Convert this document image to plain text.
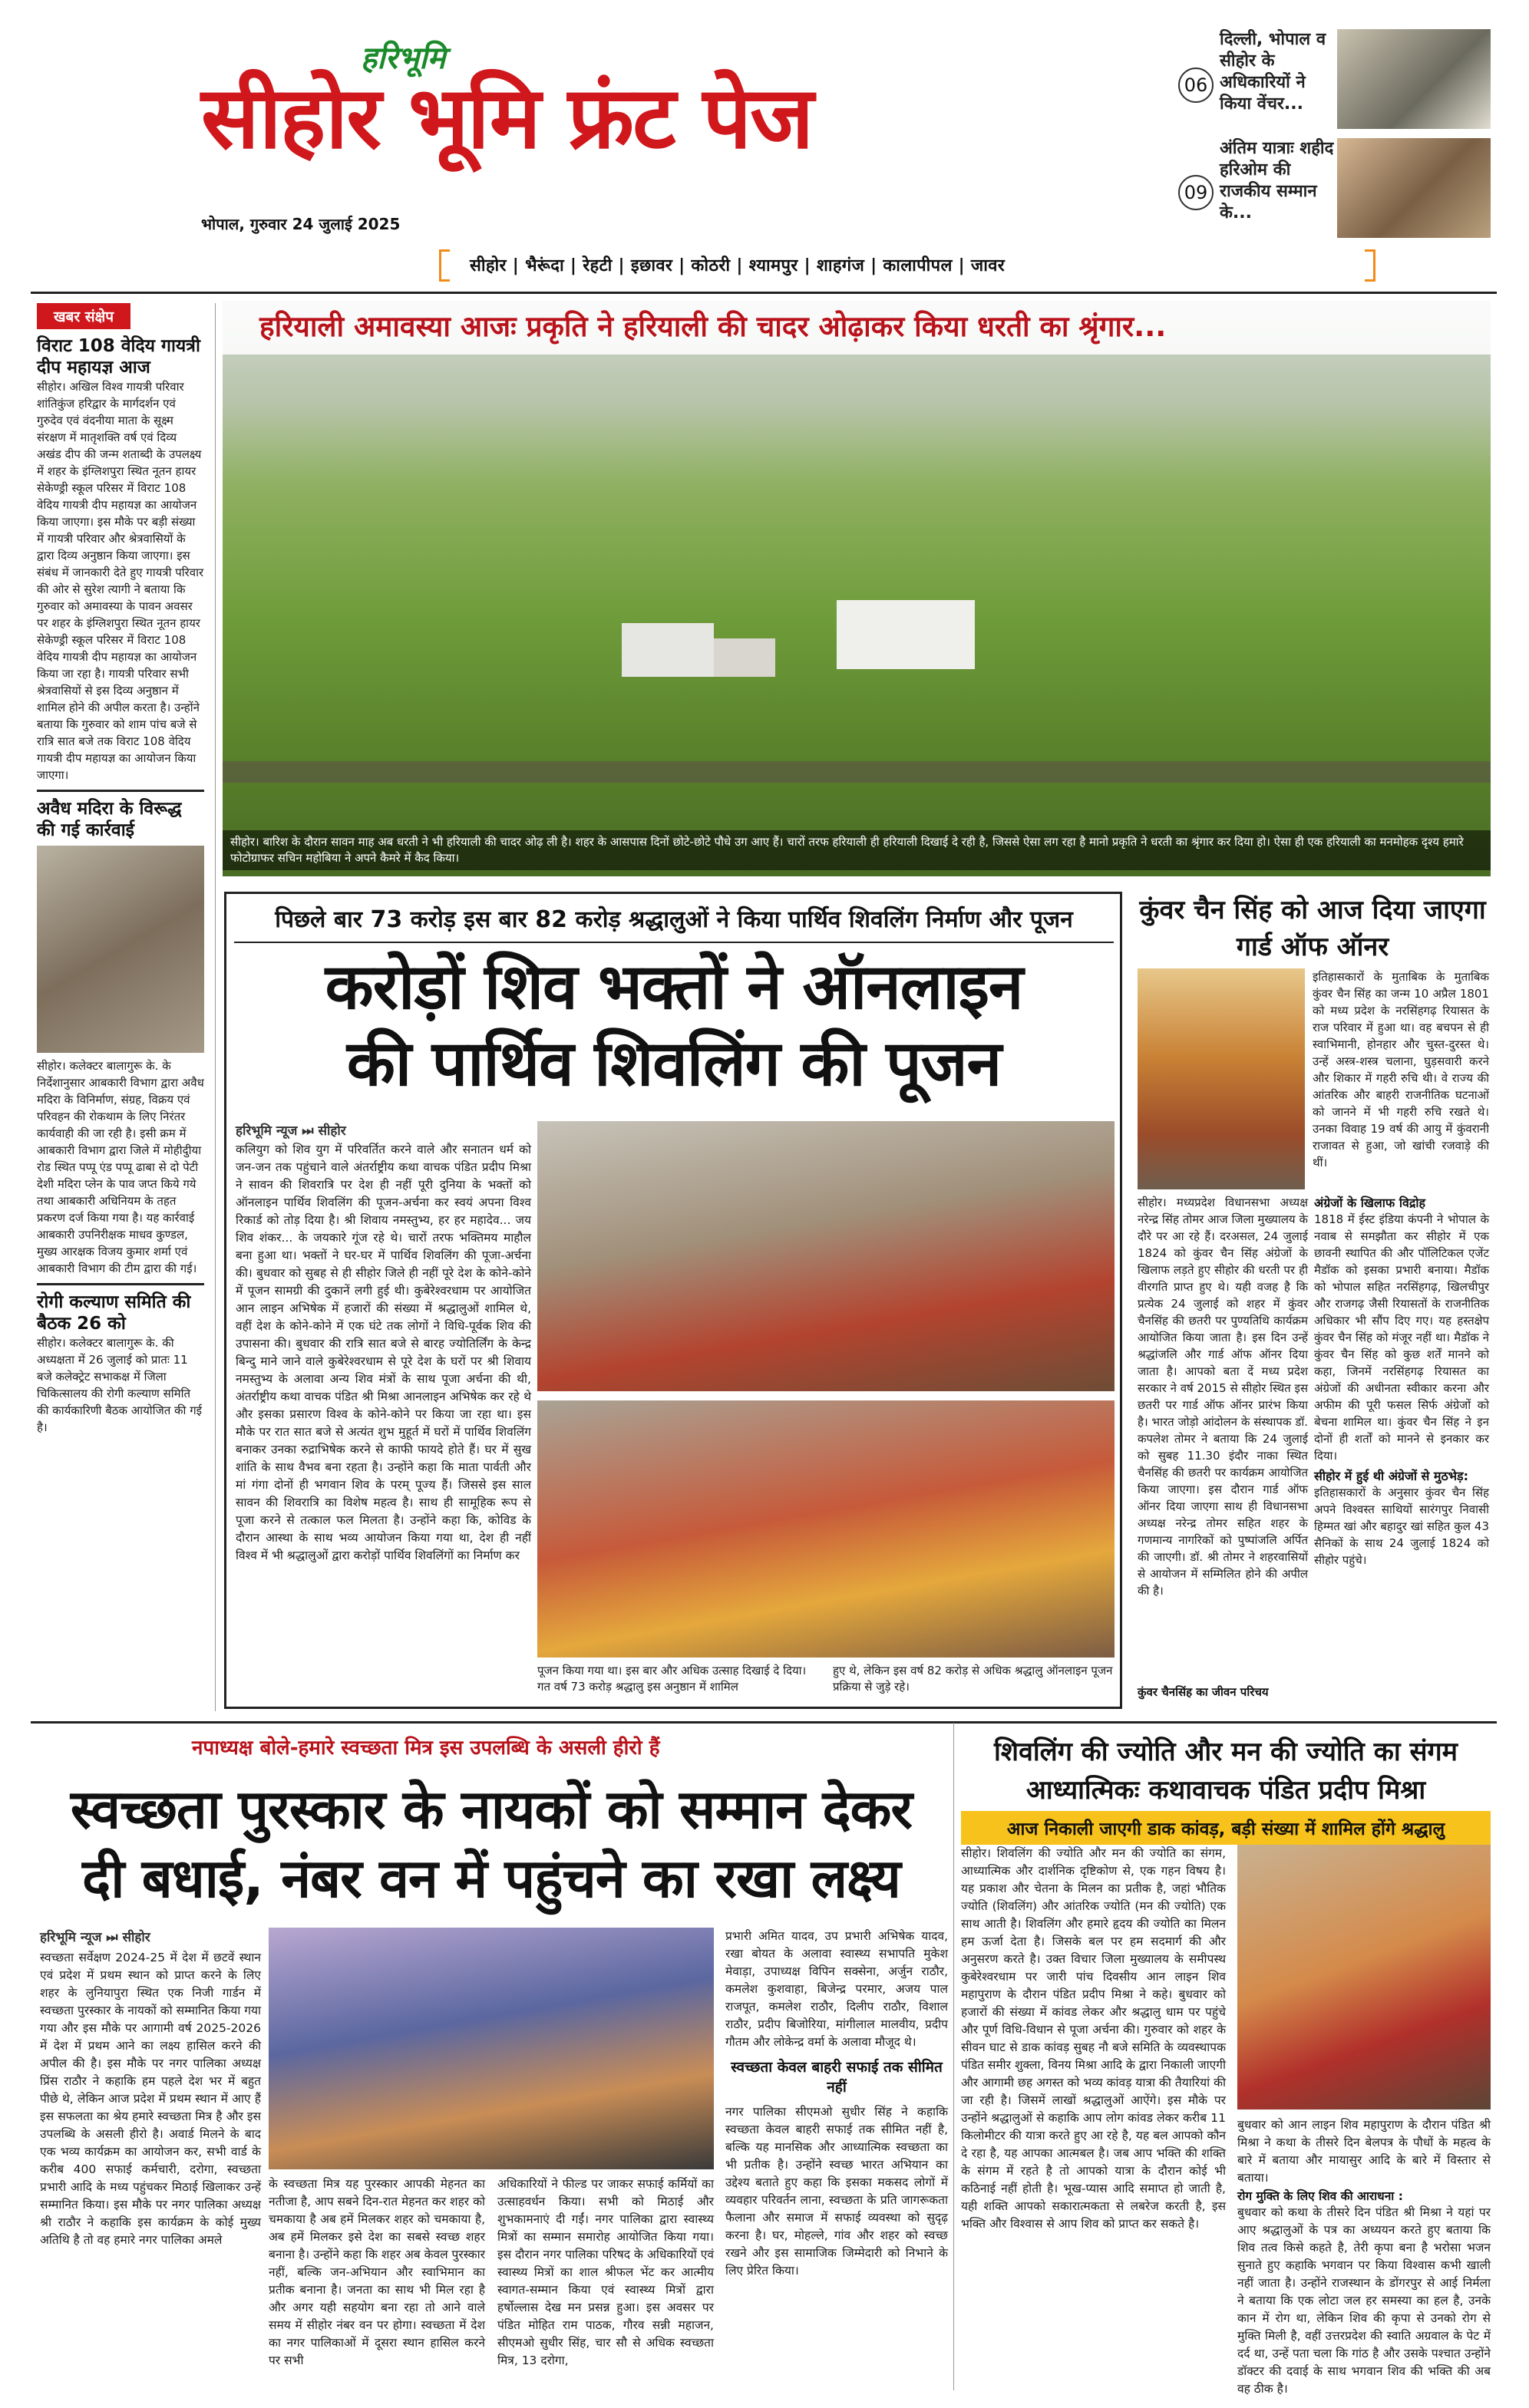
हरिभूमि
सीहोर भूमि फ्रंट पेज
भोपाल, गुरुवार 24 जुलाई 2025
06
दिल्ली, भोपाल व सीहोर के अधिकारियों ने किया वेंचर...
09
अंतिम यात्राः शहीद हरिओम की राजकीय सम्मान के...
सीहोर | भैरूंदा | रेहटी | इछावर | कोठरी | श्यामपुर | शाहगंज | कालापीपल | जावर
खबर संक्षेप
विराट 108 वेदिय गायत्री दीप महायज्ञ आज
सीहोर। अखिल विश्व गायत्री परिवार शांतिकुंज हरिद्वार के मार्गदर्शन एवं गुरुदेव एवं वंदनीया माता के सूक्ष्म संरक्षण में मातृशक्ति वर्ष एवं दिव्य अखंड दीप की जन्म शताब्दी के उपलक्ष्य में शहर के इंग्लिशपुरा स्थित नूतन हायर सेकेण्ड्री स्कूल परिसर में विराट 108 वेदिय गायत्री दीप महायज्ञ का आयोजन किया जाएगा। इस मौके पर बड़ी संख्या में गायत्री परिवार और श्रेत्रवासियों के द्वारा दिव्य अनुष्ठान किया जाएगा। इस संबंध में जानकारी देते हुए गायत्री परिवार की ओर से सुरेश त्यागी ने बताया कि गुरुवार को अमावस्या के पावन अवसर पर शहर के इंग्लिशपुरा स्थित नूतन हायर सेकेण्ड्री स्कूल परिसर में विराट 108 वेदिय गायत्री दीप महायज्ञ का आयोजन किया जा रहा है। गायत्री परिवार सभी श्रेत्रवासियों से इस दिव्य अनुष्ठान में शामिल होने की अपील करता है। उन्होंने बताया कि गुरुवार को शाम पांच बजे से रात्रि सात बजे तक विराट 108 वेदिय गायत्री दीप महायज्ञ का आयोजन किया जाएगा।
अवैध मदिरा के विरूद्ध की गई कार्रवाई
सीहोर। कलेक्टर बालागुरू के. के निर्देशानुसार आबकारी विभाग द्वारा अवैध मदिरा के विनिर्माण, संग्रह, विक्रय एवं परिवहन की रोकथाम के लिए निरंतर कार्यवाही की जा रही है। इसी क्रम में आबकारी विभाग द्वारा जिले में मोहीदुीया रोड स्थित पप्पू एंड पप्पू ढाबा से दो पेटी देशी मदिरा प्लेन के पाव जप्त किये गये तथा आबकारी अधिनियम के तहत प्रकरण दर्ज किया गया है। यह कार्रवाई आबकारी उपनिरीक्षक माधव कुण्डल, मुख्य आरक्षक विजय कुमार शर्मा एवं आबकारी विभाग की टीम द्वारा की गई।
रोगी कल्याण समिति की बैठक 26 को
सीहोर। कलेक्टर बालागुरू के. की अध्यक्षता में 26 जुलाई को प्रातः 11 बजे कलेक्ट्रेट सभाकक्ष में जिला चिकित्सालय की रोगी कल्याण समिति की कार्यकारिणी बैठक आयोजित की गई है।
हरियाली अमावस्या आजः प्रकृति ने हरियाली की चादर ओढ़ाकर किया धरती का श्रृंगार...
सीहोर। बारिश के दौरान सावन माह अब धरती ने भी हरियाली की चादर ओढ़ ली है। शहर के आसपास दिनों छोटे-छोटे पौधे उग आए हैं। चारों तरफ हरियाली ही हरियाली दिखाई दे रही है, जिससे ऐसा लग रहा है मानो प्रकृति ने धरती का श्रृंगार कर दिया हो। ऐसा ही एक हरियाली का मनमोहक दृश्य हमारे फोटोग्राफर सचिन महोबिया ने अपने कैमरे में कैद किया।
पिछले बार 73 करोड़ इस बार 82 करोड़ श्रद्धालुओं ने किया पार्थिव शिवलिंग निर्माण और पूजन
करोड़ों शिव भक्तों ने ऑनलाइन
की पार्थिव शिवलिंग की पूजन
हरिभूमि न्यूज ⏭ सीहोर
कलियुग को शिव युग में परिवर्तित करने वाले और सनातन धर्म को जन-जन तक पहुंचाने वाले अंतर्राष्ट्रीय कथा वाचक पंडित प्रदीप मिश्रा ने सावन की शिवरात्रि पर देश ही नहीं पूरी दुनिया के भक्तों को ऑनलाइन पार्थिव शिवलिंग की पूजन-अर्चना कर स्वयं अपना विश्व रिकार्ड को तोड़ दिया है। श्री शिवाय नमस्तुभ्य, हर हर महादेव... जय शिव शंकर... के जयकारे गूंज रहे थे। चारों तरफ भक्तिमय माहौल बना हुआ था। भक्तों ने घर-घर में पार्थिव शिवलिंग की पूजा-अर्चना की। बुधवार को सुबह से ही सीहोर जिले ही नहीं पूरे देश के कोने-कोने में पूजन सामग्री की दुकानें लगी हुई थी। कुबेरेश्वरधाम पर आयोजित आन लाइन अभिषेक में हजारों की संख्या में श्रद्धालुओं शामिल थे, वहीं देश के कोने-कोने में एक घंटे तक लोगों ने विधि-पूर्वक शिव की उपासना की। बुधवार की रात्रि सात बजे से बारह ज्योतिर्लिंग के केन्द्र बिन्दु माने जाने वाले कुबेरेश्वरधाम से पूरे देश के घरों पर श्री शिवाय नमस्तुभ्य के अलावा अन्य शिव मंत्रों के साथ पूजा अर्चना की थी, अंतर्राष्ट्रीय कथा वाचक पंडित श्री मिश्रा आनलाइन अभिषेक कर रहे थे और इसका प्रसारण विश्व के कोने-कोने पर किया जा रहा था। इस मौके पर रात सात बजे से अत्यंत शुभ मुहूर्त में घरों में पार्थिव शिवलिंग बनाकर उनका रुद्राभिषेक करने से काफी फायदे होते हैं। घर में सुख शांति के साथ वैभव बना रहता है। उन्होंने कहा कि माता पार्वती और मां गंगा दोनों ही भगवान शिव के परम् पूज्य हैं। जिससे इस साल सावन की शिवरात्रि का विशेष महत्व है। साथ ही सामूहिक रूप से पूजा करने से तत्काल फल मिलता है। उन्होंने कहा कि, कोविड के दौरान आस्था के साथ भव्य आयोजन किया गया था, देश ही नहीं विश्व में भी श्रद्धालुओं द्वारा करोड़ों पार्थिव शिवलिंगों का निर्माण कर
पूजन किया गया था। इस बार और अधिक उत्साह दिखाई दे दिया। गत वर्ष 73 करोड़ श्रद्धालु इस अनुष्ठान में शामिल
हुए थे, लेकिन इस वर्ष 82 करोड़ से अधिक श्रद्धालु ऑनलाइन पूजन प्रक्रिया से जुड़े रहे।
कुंवर चैन सिंह को आज दिया जाएगा गार्ड ऑफ ऑनर
इतिहासकारों के मुताबिक के मुताबिक कुंवर चैन सिंह का जन्म 10 अप्रैल 1801 को मध्य प्रदेश के नरसिंहगढ़ रियासत के राज परिवार में हुआ था। वह बचपन से ही स्वाभिमानी, होनहार और चुस्त-दुरस्त थे। उन्हें अस्त्र-शस्त्र चलाना, घुड़सवारी करने और शिकार में गहरी रुचि थी। वे राज्य की आंतरिक और बाहरी राजनीतिक घटनाओं को जानने में भी गहरी रुचि रखते थे। उनका विवाह 19 वर्ष की आयु में कुंवरानी राजावत से हुआ, जो खांची रजवाड़े की थीं।
सीहोर। मध्यप्रदेश विधानसभा अध्यक्ष नरेन्द्र सिंह तोमर आज जिला मुख्यालय के दौरे पर आ रहे हैं। दरअसल, 24 जुलाई 1824 को कुंवर चैन सिंह अंग्रेजों के खिलाफ लड़ते हुए सीहोर की धरती पर ही वीरगति प्राप्त हुए थे। यही वजह है कि प्रत्येक 24 जुलाई को शहर में कुंवर चैनसिंह की छतरी पर पुण्यतिथि कार्यक्रम आयोजित किया जाता है। इस दिन उन्हें श्रद्धांजलि और गार्ड ऑफ ऑनर दिया जाता है। आपको बता दें मध्य प्रदेश सरकार ने वर्ष 2015 से सीहोर स्थित इस छतरी पर गार्ड ऑफ ऑनर प्रारंभ किया है। भारत जोड़ो आंदोलन के संस्थापक डॉ. कपलेश तोमर ने बताया कि 24 जुलाई को सुबह 11.30 इंदौर नाका स्थित चैनसिंह की छतरी पर कार्यक्रम आयोजित किया जाएगा। इस दौरान गार्ड ऑफ ऑनर दिया जाएगा साथ ही विधानसभा अध्यक्ष नरेन्द्र तोमर सहित शहर के गणमान्य नागरिकों को पुष्पांजलि अर्पित की जाएगी। डॉ. श्री तोमर ने शहरवासियों से आयोजन में सम्मिलित होने की अपील की है।
अंग्रेजों के खिलाफ विद्रोह
1818 में ईस्ट इंडिया कंपनी ने भोपाल के नवाब से समझौता कर सीहोर में एक छावनी स्थापित की और पॉलिटिकल एजेंट मैडॉक को इसका प्रभारी बनाया। मैडॉक को भोपाल सहित नरसिंहगढ़, खिलचीपुर और राजगढ़ जैसी रियासतों के राजनीतिक अधिकार भी सौंप दिए गए। यह हस्तक्षेप कुंवर चैन सिंह को मंजूर नहीं था। मैडॉक ने कुंवर चैन सिंह को कुछ शर्तें मानने को कहा, जिनमें नरसिंहगढ़ रियासत का अंग्रेजों की अधीनता स्वीकार करना और अफीम की पूरी फसल सिर्फ अंग्रेजों को बेचना शामिल था। कुंवर चैन सिंह ने इन दोनों ही शर्तों को मानने से इनकार कर दिया।
सीहोर में हुई थी अंग्रेजों से मुठभेड़:
इतिहासकारों के अनुसार कुंवर चैन सिंह अपने विश्वस्त साथियों सारंगपुर निवासी हिम्मत खां और बहादुर खां सहित कुल 43 सैनिकों के साथ 24 जुलाई 1824 को सीहोर पहुंचे।
कुंवर चैनसिंह का जीवन परिचय
नपाध्यक्ष बोले-हमारे स्वच्छता मित्र इस उपलब्धि के असली हीरो हैं
स्वच्छता पुरस्कार के नायकों को सम्मान देकर
दी बधाई, नंबर वन में पहुंचने का रखा लक्ष्य
हरिभूमि न्यूज ⏭ सीहोर
स्वच्छता सर्वेक्षण 2024-25 में देश में छटवें स्थान एवं प्रदेश में प्रथम स्थान को प्राप्त करने के लिए शहर के लुनियापुरा स्थित एक निजी गार्डन में स्वच्छता पुरस्कार के नायकों को सम्मानित किया गया गया और इस मौके पर आगामी वर्ष 2025-2026 में देश में प्रथम आने का लक्ष्य हासिल करने की अपील की है। इस मौके पर नगर पालिका अध्यक्ष प्रिंस राठौर ने कहाकि हम पहले देश भर में बहुत पीछे थे, लेकिन आज प्रदेश में प्रथम स्थान में आए हैं इस सफलता का श्रेय हमारे स्वच्छता मित्र है और इस उपलब्धि के असली हीरो है। अवार्ड मिलने के बाद एक भव्य कार्यक्रम का आयोजन कर, सभी वार्ड के करीब 400 सफाई कर्मचारी, दरोगा, स्वच्छता प्रभारी आदि के मध्य पहुंचकर मिठाई खिलाकर उन्हें सम्मानित किया। इस मौके पर नगर पालिका अध्यक्ष श्री राठौर ने कहाकि इस कार्यक्रम के कोई मुख्य अतिथि है तो वह हमारे नगर पालिका अमले
के स्वच्छता मित्र यह पुरस्कार आपकी मेहनत का नतीजा है, आप सबने दिन-रात मेहनत कर शहर को चमकाया है अब हमें मिलकर शहर को चमकाया है, अब हमें मिलकर इसे देश का सबसे स्वच्छ शहर बनाना है। उन्होंने कहा कि शहर अब केवल पुरस्कार नहीं, बल्कि जन-अभियान और स्वाभिमान का प्रतीक बनाना है। जनता का साथ भी मिल रहा है और अगर यही सहयोग बना रहा तो आने वाले समय में सीहोर नंबर वन पर होगा। स्वच्छता में देश का नगर पालिकाओं में दूसरा स्थान हासिल करने पर सभी
अधिकारियों ने फील्ड पर जाकर सफाई कर्मियों का उत्साहवर्धन किया। सभी को मिठाई और शुभकामनाएं दी गईं। नगर पालिका द्वारा स्वास्थ्य मित्रों का सम्मान समारोह आयोजित किया गया। इस दौरान नगर पालिका परिषद के अधिकारियों एवं स्वास्थ्य मित्रों का शाल श्रीफल भेंट कर आत्मीय स्वागत-सम्मान किया एवं स्वास्थ्य मित्रों द्वारा हर्षोल्लास देख मन प्रसन्न हुआ। इस अवसर पर पंडित मोहित राम पाठक, गौरव सन्नी महाजन, सीएमओ सुधीर सिंह, चार सौ से अधिक स्वच्छता मित्र, 13 दरोगा,
प्रभारी अमित यादव, उप प्रभारी अभिषेक यादव, रखा बोयत के अलावा स्वास्थ्य सभापति मुकेश मेवाड़ा, उपाध्यक्ष विपिन सक्सेना, अर्जुन राठौर, कमलेश कुशवाहा, बिजेन्द्र परमार, अजय पाल राजपूत, कमलेश राठौर, दिलीप राठौर, विशाल राठौर, प्रदीप बिजोरिया, मांगीलाल मालवीय, प्रदीप गौतम और लोकेन्द्र वर्मा के अलावा मौजूद थे।
स्वच्छता केवल बाहरी सफाई तक सीमित नहीं
नगर पालिका सीएमओ सुधीर सिंह ने कहाकि स्वच्छता केवल बाहरी सफाई तक सीमित नहीं है, बल्कि यह मानसिक और आध्यात्मिक स्वच्छता का भी प्रतीक है। उन्होंने स्वच्छ भारत अभियान का उद्देश्य बताते हुए कहा कि इसका मकसद लोगों में व्यवहार परिवर्तन लाना, स्वच्छता के प्रति जागरूकता फैलाना और समाज में सफाई व्यवस्था को सुदृढ़ करना है। घर, मोहल्ले, गांव और शहर को स्वच्छ रखने और इस सामाजिक जिम्मेदारी को निभाने के लिए प्रेरित किया।
शिवलिंग की ज्योति और मन की ज्योति का संगम
आध्यात्मिकः कथावाचक पंडित प्रदीप मिश्रा
आज निकाली जाएगी डाक कांवड़, बड़ी संख्या में शामिल होंगे श्रद्धालु
सीहोर। शिवलिंग की ज्योति और मन की ज्योति का संगम, आध्यात्मिक और दार्शनिक दृष्टिकोण से, एक गहन विषय है। यह प्रकाश और चेतना के मिलन का प्रतीक है, जहां भौतिक ज्योति (शिवलिंग) और आंतरिक ज्योति (मन की ज्योति) एक साथ आती है। शिवलिंग और हमारे हृदय की ज्योति का मिलन हम ऊर्जा देता है। जिसके बल पर हम सदमार्ग की और अनुसरण करते है। उक्त विचार जिला मुख्यालय के समीपस्थ कुबेरेश्वरधाम पर जारी पांच दिवसीय आन लाइन शिव महापुराण के दौरान पंडित प्रदीप मिश्रा ने कहे। बुधवार को हजारों की संख्या में कांवड लेकर और श्रद्धालु धाम पर पहुंचे और पूर्ण विधि-विधान से पूजा अर्चना की। गुरुवार को शहर के सीवन घाट से डाक कांवड़ सुबह नौ बजे समिति के व्यवस्थापक पंडित समीर शुक्ला, विनय मिश्रा आदि के द्वारा निकाली जाएगी और आगामी छह अगस्त को भव्य कांवड़ यात्रा की तैयारियां की जा रही है। जिसमें लाखों श्रद्धालुओं आऐंगे। इस मौके पर उन्होंने श्रद्धालुओं से कहाकि आप लोग कांवड लेकर करीब 11 किलोमीटर की यात्रा करते हुए आ रहे है, यह बल आपको कौन दे रहा है, यह आपका आत्मबल है। जब आप भक्ति की शक्ति के संगम में रहते है तो आपको यात्रा के दौरान कोई भी कठिनाई नहीं होती है। भूख-प्यास आदि समाप्त हो जाती है, यही शक्ति आपको सकारात्मकता से लबरेज करती है, इस भक्ति और विश्वास से आप शिव को प्राप्त कर सकते है।
बुधवार को आन लाइन शिव महापुराण के दौरान पंडित श्री मिश्रा ने कथा के तीसरे दिन बेलपत्र के पौधों के महत्व के बारे में बताया और मायासुर आदि के बारे में विस्तार से बताया।
रोग मुक्ति के लिए शिव की आराधना :
बुधवार को कथा के तीसरे दिन पंडित श्री मिश्रा ने यहां पर आए श्रद्धालुओं के पत्र का अध्ययन करते हुए बताया कि शिव तत्व किसे कहते है, तेरी कृपा बना है भरोसा भजन सुनाते हुए कहाकि भगवान पर किया विश्वास कभी खाली नहीं जाता है। उन्होंने राजस्थान के डोंगरपुर से आई निर्मला ने बताया कि एक लोटा जल हर समस्या का हल है, उनके कान में रोग था, लेकिन शिव की कृपा से उनको रोग से मुक्ति मिली है, वहीं उत्तरप्रदेश की स्वाति अग्रवाल के पेट में दर्द था, उन्हें पता चला कि गांठ है और उसके पश्चात उन्होंने डॉक्टर की दवाई के साथ भगवान शिव की भक्ति की अब वह ठीक है।
